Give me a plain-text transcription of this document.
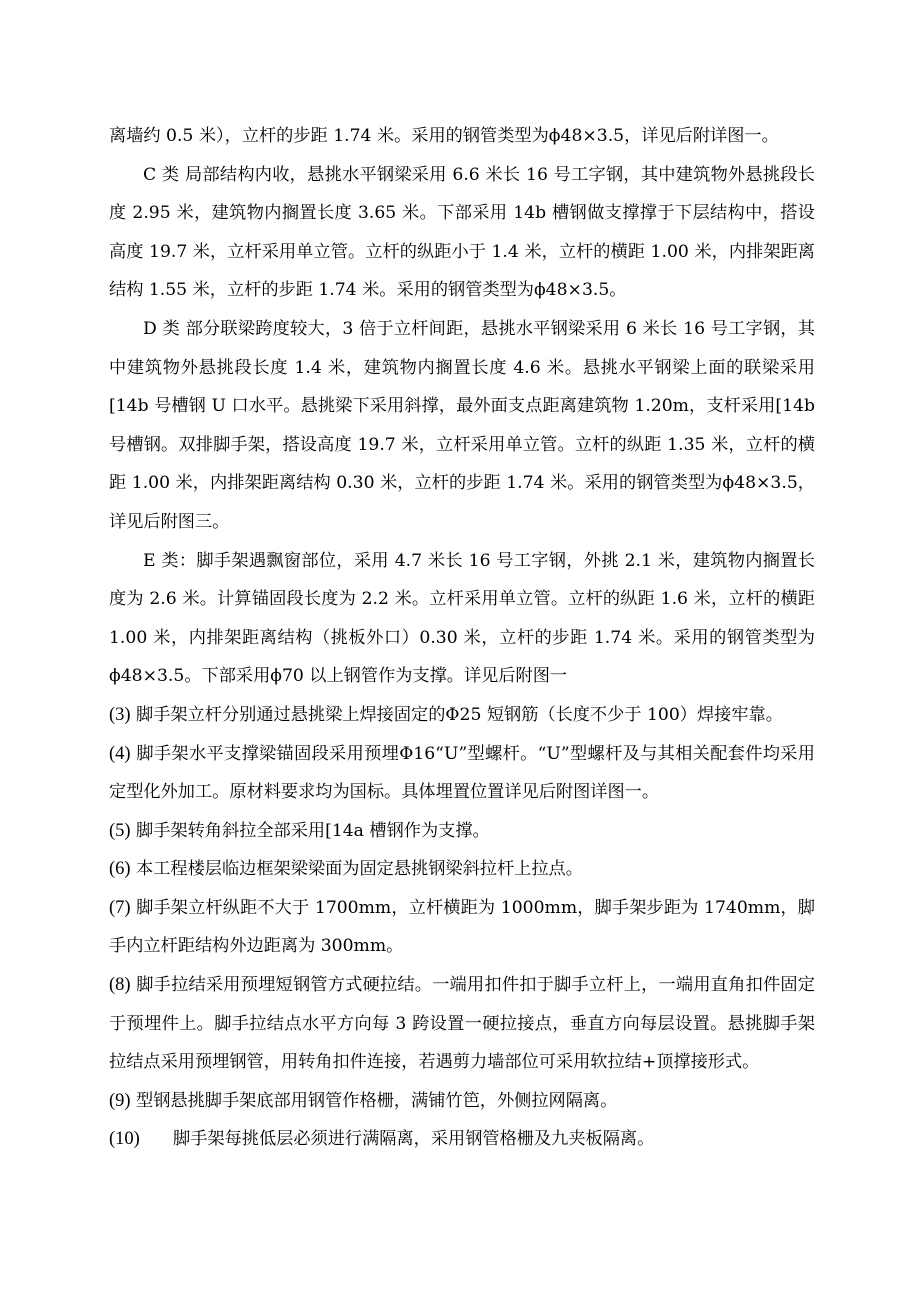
离墙约 0.5 米），立杆的步距 1.74 米。采用的钢管类型为ϕ48×3.5，详见后附详图一。

C 类 局部结构内收，悬挑水平钢梁采用 6.6 米长 16 号工字钢，其中建筑物外悬挑段长度 2.95 米，建筑物内搁置长度 3.65 米。下部采用 14b 槽钢做支撑撑于下层结构中，搭设高度 19.7 米，立杆采用单立管。立杆的纵距小于 1.4 米，立杆的横距 1.00 米，内排架距离结构 1.55 米，立杆的步距 1.74 米。采用的钢管类型为ϕ48×3.5。

D 类 部分联梁跨度较大，3 倍于立杆间距，悬挑水平钢梁采用 6 米长 16 号工字钢，其中建筑物外悬挑段长度 1.4 米，建筑物内搁置长度 4.6 米。悬挑水平钢梁上面的联梁采用[14b 号槽钢 U 口水平。悬挑梁下采用斜撑，最外面支点距离建筑物 1.20m，支杆采用[14b 号槽钢。双排脚手架，搭设高度 19.7 米，立杆采用单立管。立杆的纵距 1.35 米，立杆的横距 1.00 米，内排架距离结构 0.30 米，立杆的步距 1.74 米。采用的钢管类型为ϕ48×3.5，详见后附图三。

E 类：脚手架遇飘窗部位，采用 4.7 米长 16 号工字钢，外挑 2.1 米，建筑物内搁置长度为 2.6 米。计算锚固段长度为 2.2 米。立杆采用单立管。立杆的纵距 1.6 米，立杆的横距 1.00 米，内排架距离结构（挑板外口）0.30 米，立杆的步距 1.74 米。采用的钢管类型为ϕ48×3.5。下部采用ϕ70 以上钢管作为支撑。详见后附图一

(3) 脚手架立杆分别通过悬挑梁上焊接固定的Φ25 短钢筋（长度不少于 100）焊接牢靠。

(4) 脚手架水平支撑梁锚固段采用预埋Φ16“U”型螺杆。“U”型螺杆及与其相关配套件均采用定型化外加工。原材料要求均为国标。具体埋置位置详见后附图详图一。

(5) 脚手架转角斜拉全部采用[14a 槽钢作为支撑。

(6) 本工程楼层临边框架梁梁面为固定悬挑钢梁斜拉杆上拉点。

(7) 脚手架立杆纵距不大于 1700mm，立杆横距为 1000mm，脚手架步距为 1740mm，脚手内立杆距结构外边距离为 300mm。

(8) 脚手拉结采用预埋短钢管方式硬拉结。一端用扣件扣于脚手立杆上，一端用直角扣件固定于预埋件上。脚手拉结点水平方向每 3 跨设置一硬拉接点，垂直方向每层设置。悬挑脚手架拉结点采用预埋钢管，用转角扣件连接，若遇剪力墙部位可采用软拉结+顶撑接形式。

(9) 型钢悬挑脚手架底部用钢管作格栅，满铺竹笆，外侧拉网隔离。

(10) 脚手架每挑低层必须进行满隔离，采用钢管格栅及九夹板隔离。
